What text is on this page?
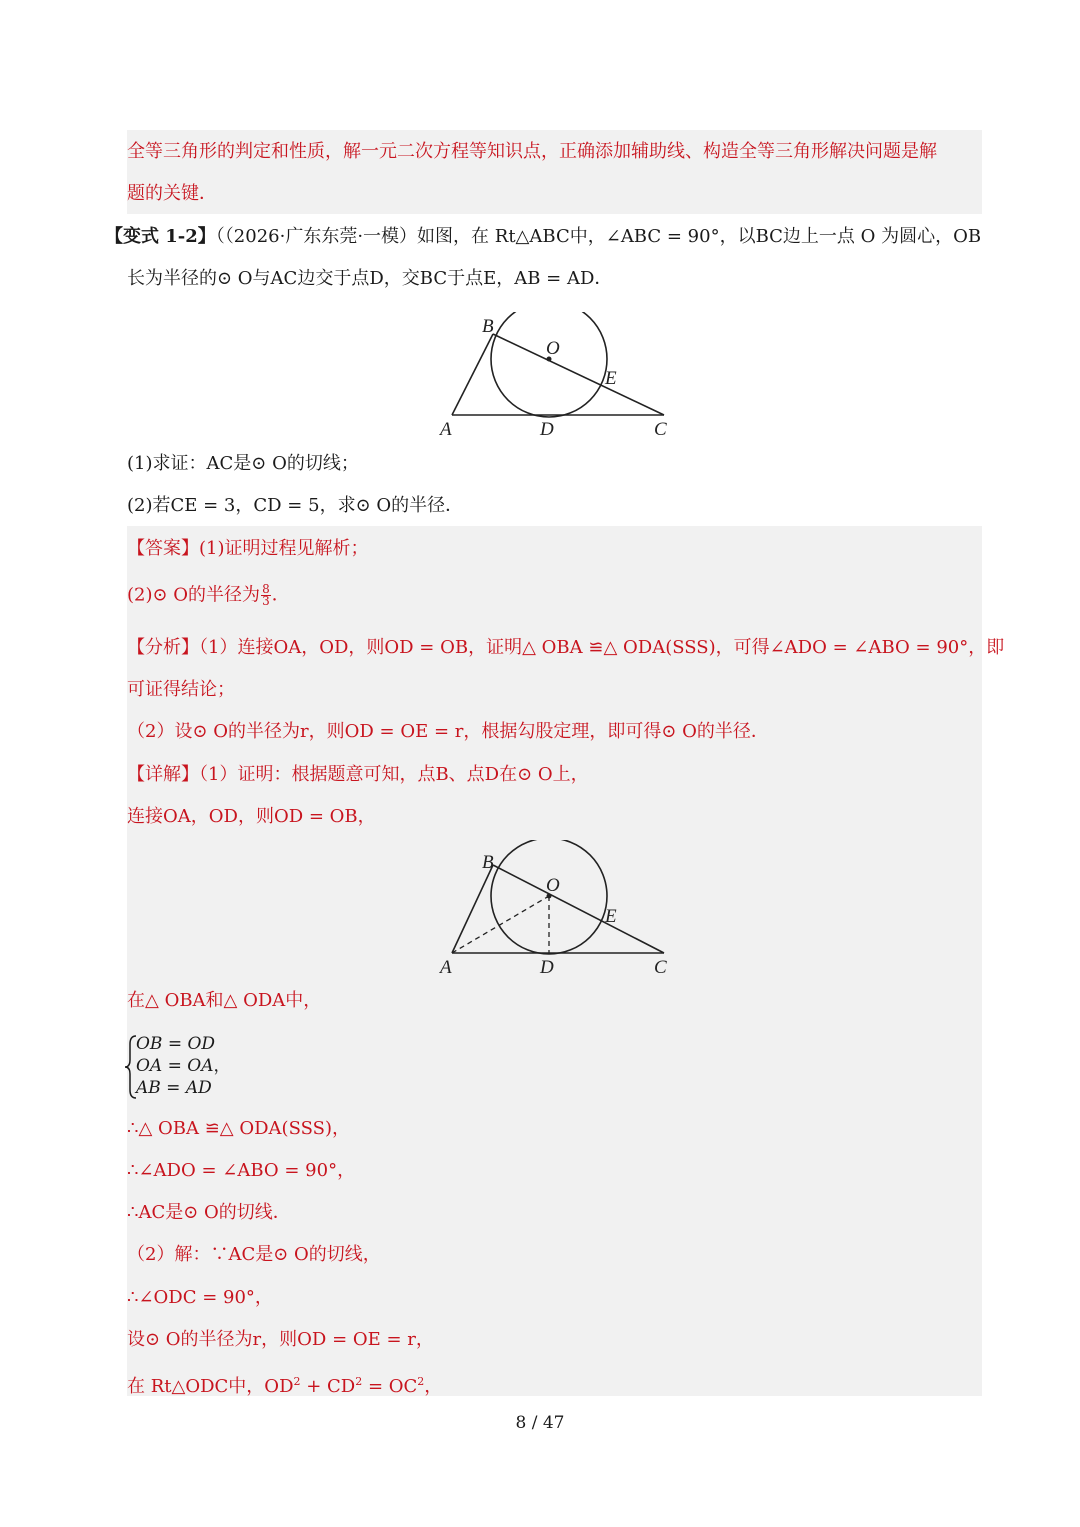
全等三角形的判定和性质，解一元二次方程等知识点，正确添加辅助线、构造全等三角形解决问题是解
题的关键．
【变式 1-2】（（2026·广东东莞·一模）如图，在 Rt△ABC中，∠ABC = 90°，以BC边上一点 O 为圆心，OB
长为半径的⊙ O与AC边交于点D，交BC于点E，AB = AD．
B
O
E
A	D	C
(1)求证：AC是⊙ O的切线；
(2)若CE = 3，CD = 5，求⊙ O的半径．
【答案】(1)证明过程见解析；
(2)⊙ O的半径为 $\frac{8}{3}$ ．
【分析】（1）连接OA，OD，则OD = OB，证明△ OBA ≌△ ODA(SSS)，可得∠ADO = ∠ABO = 90°，即
可证得结论；
（2）设⊙ O的半径为r，则OD = OE = r，根据勾股定理，即可得⊙ O的半径．
【详解】（1）证明：根据题意可知，点B、点D在⊙ O上，
连接OA，OD，则OD = OB，
B
O
E
A	D	C
在△ OBA和△ ODA中，
OB = OD
OA = OA，
AB = AD
∴△ OBA ≌△ ODA(SSS)，
∴∠ADO = ∠ABO = 90°，
∴AC是⊙ O的切线．
（2）解：∵AC是⊙ O的切线，
∴∠ODC = 90°，
设⊙ O的半径为r，则OD = OE = r，
在 Rt△ODC中，$OD^2 + CD^2 = OC^2$，
8 / 47
